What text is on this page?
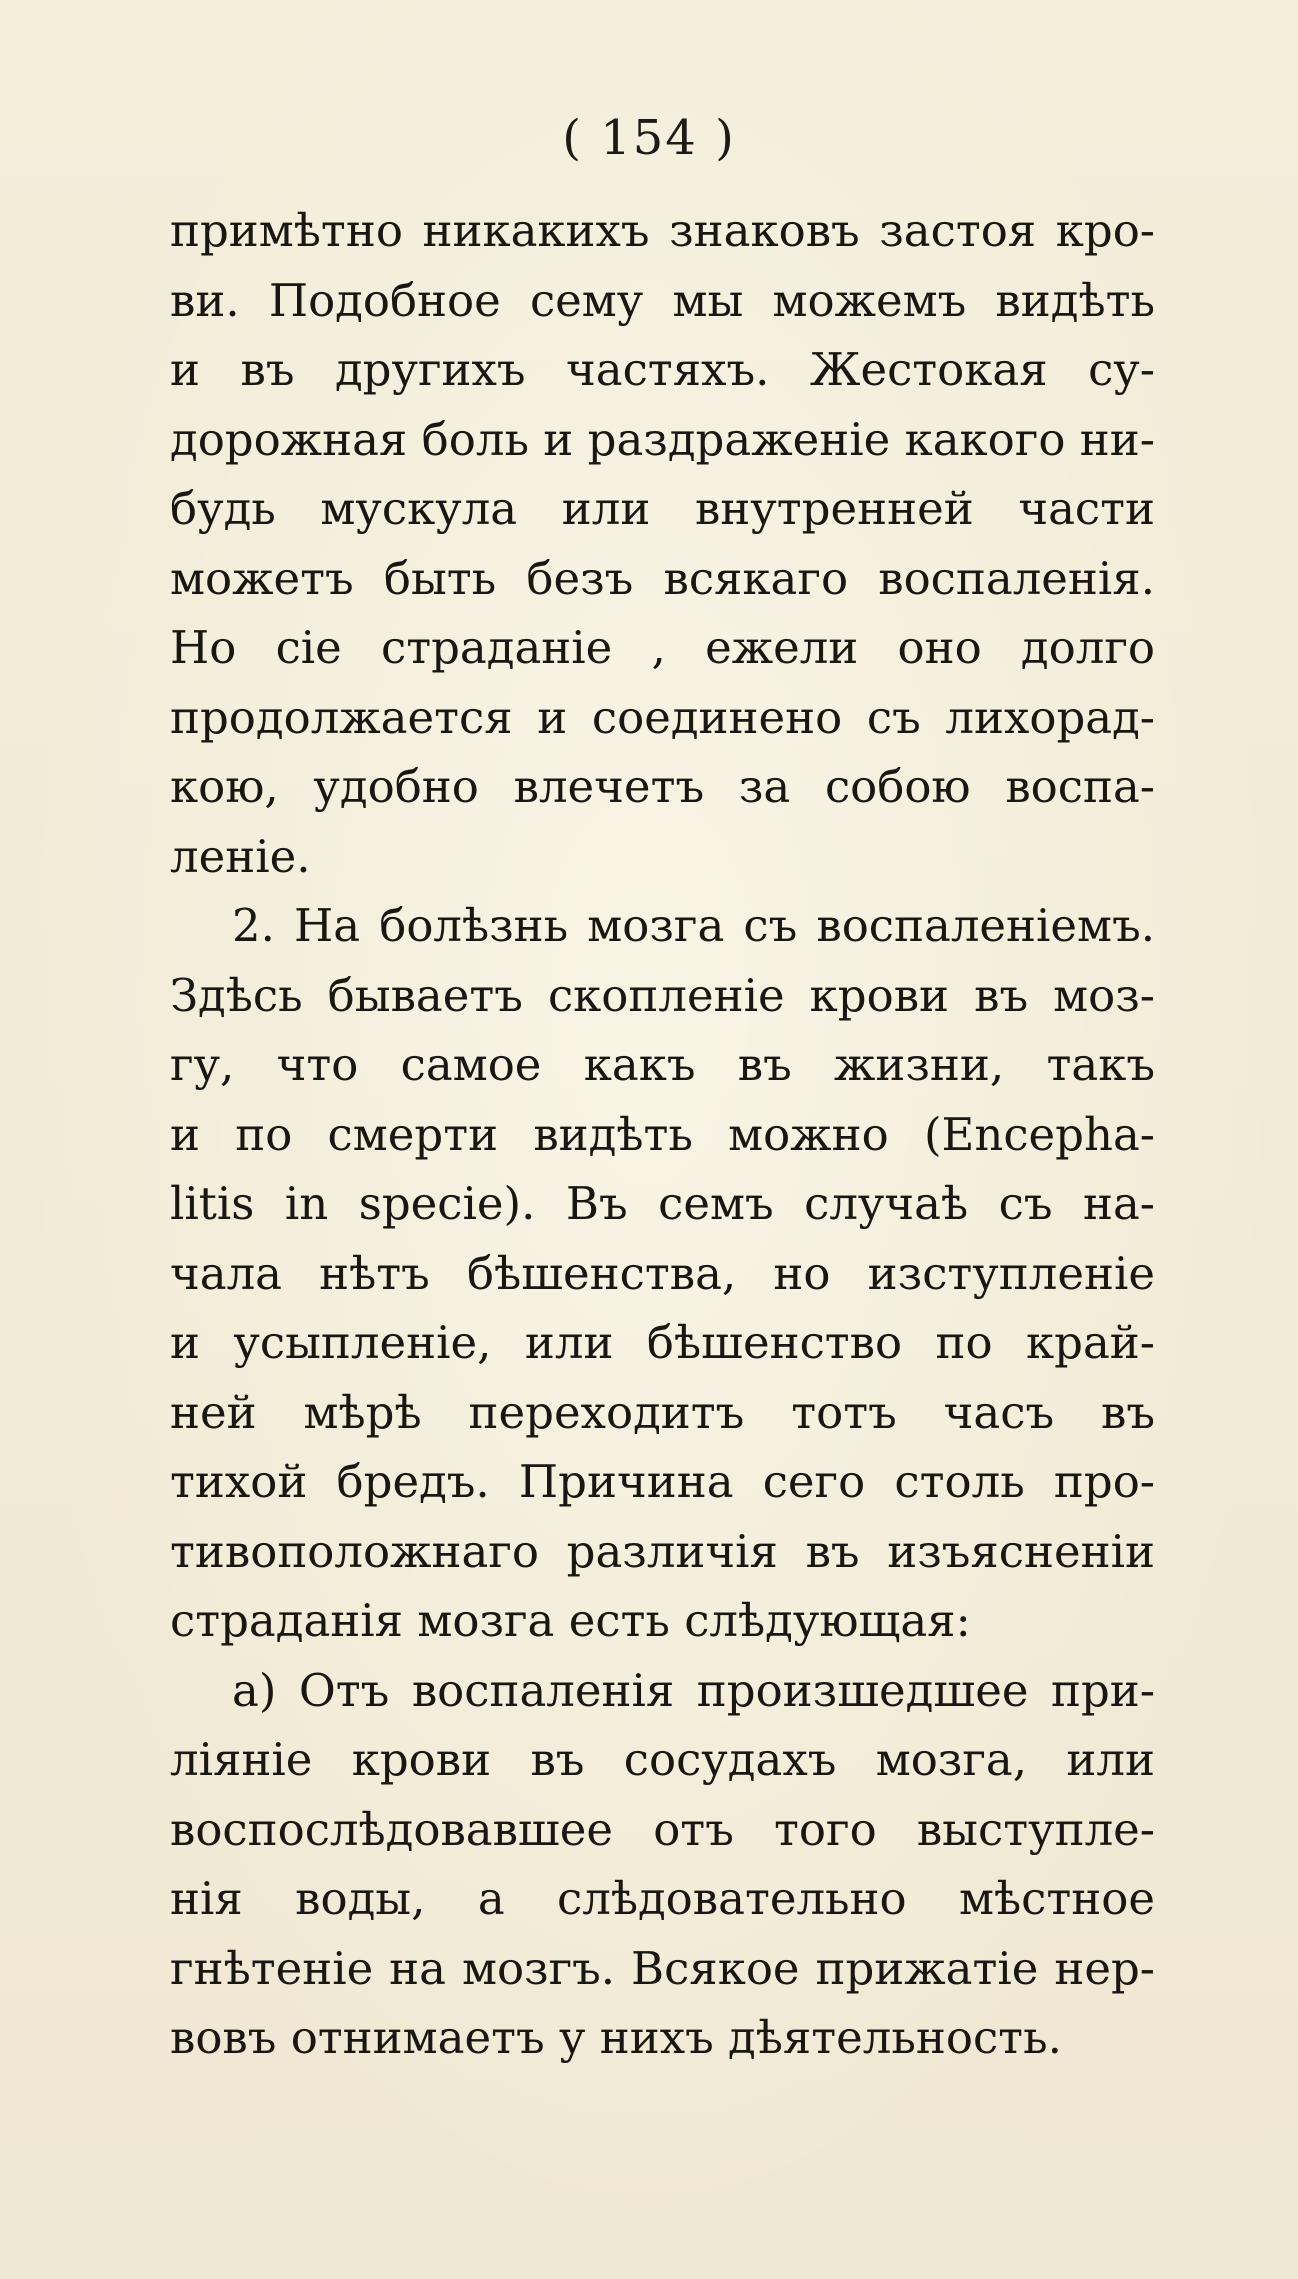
( 154 )
примѣтно никакихъ знаковъ застоя кро-
ви. Подобное сему мы можемъ видѣть
и въ другихъ частяхъ. Жестокая су-
дорожная боль и раздраженіе какого ни-
будь мускула или внутренней части
можетъ быть безъ всякаго воспаленія.
Но сіе страданіе , ежели оно долго
продолжается и соединено съ лихорад-
кою, удобно влечетъ за собою воспа-
леніе.
2. На болѣзнь мозга съ воспаленіемъ.
Здѣсь бываетъ скопленіе крови въ моз-
гу, что самое какъ въ жизни, такъ
и по смерти видѣть можно (Encepha-
litis in specie). Въ семъ случаѣ съ на-
чала нѣтъ бѣшенства, но изступленіе
и усыпленіе, или бѣшенство по край-
ней мѣрѣ переходитъ тотъ часъ въ
тихой бредъ. Причина сего столь про-
тивоположнаго различія въ изъясненіи
страданія мозга есть слѣдующая:
а) Отъ воспаленія произшедшее при-
ліяніе крови въ сосудахъ мозга, или
воспослѣдовавшее отъ того выступле-
нія воды, а слѣдовательно мѣстное
гнѣтеніе на мозгъ. Всякое прижатіе нер-
вовъ отнимаетъ у нихъ дѣятельность.
